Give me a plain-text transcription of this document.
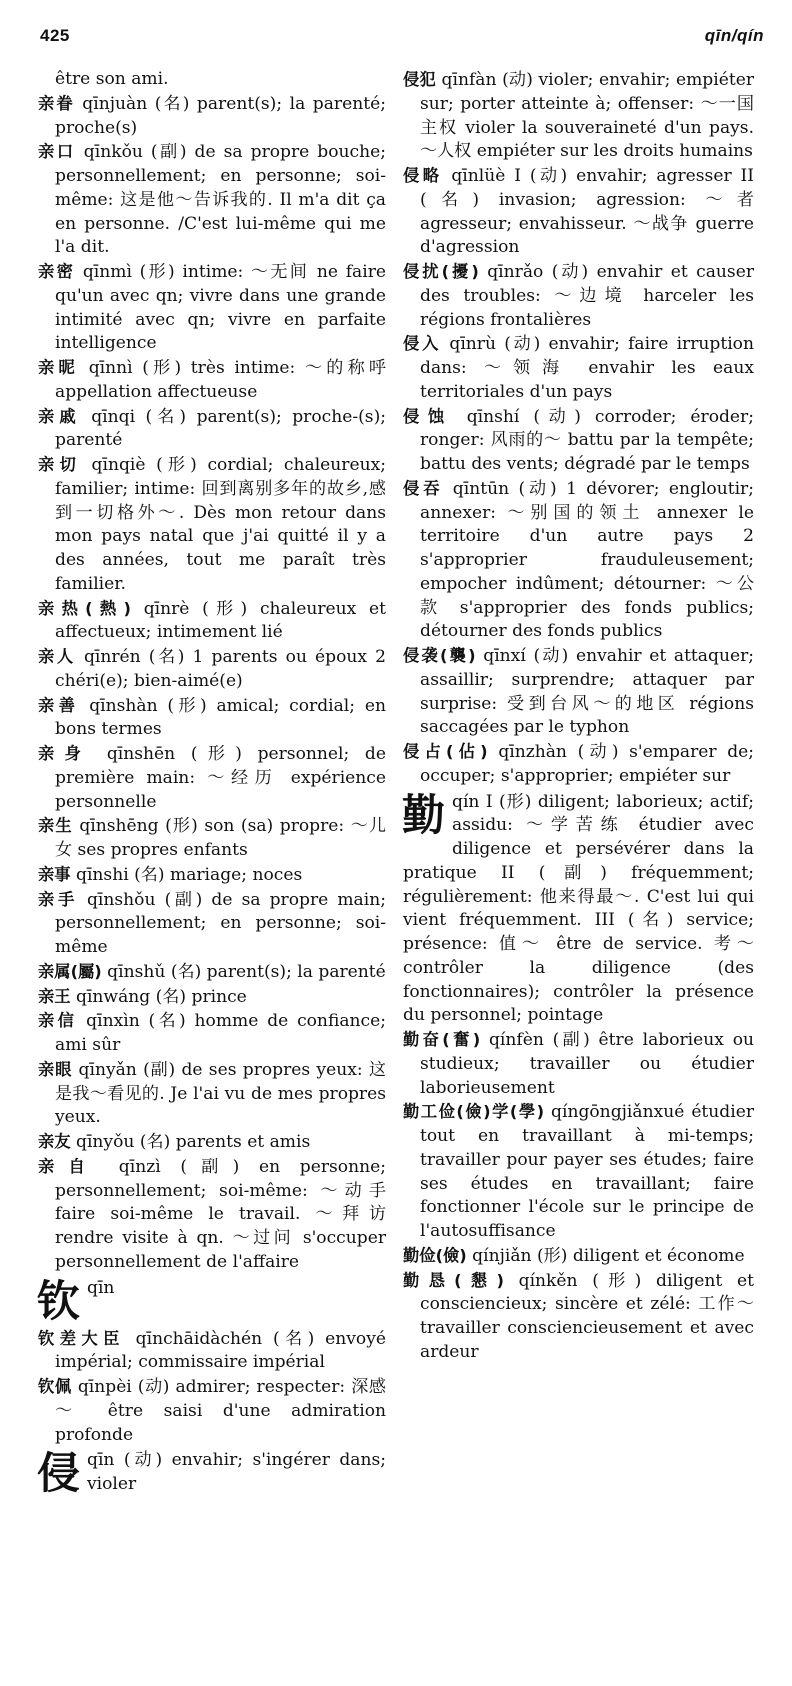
425	qīn/qín

être son ami.

亲眷 qīnjuàn (名) parent(s); la parenté; proche(s)

亲口 qīnkǒu (副) de sa propre bouche; personnellement; en personne; soi-même: 这是他～告诉我的. Il m'a dit ça en personne. /C'est lui-même qui me l'a dit.

亲密 qīnmì (形) intime: ～无间 ne faire qu'un avec qn; vivre dans une grande intimité avec qn; vivre en parfaite intelligence

亲昵 qīnnì (形) très intime: ～的称呼 appellation affectueuse

亲戚 qīnqi (名) parent(s); proche-(s); parenté

亲切 qīnqiè (形) cordial; chaleureux; familier; intime: 回到离别多年的故乡,感到一切格外～. Dès mon retour dans mon pays natal que j'ai quitté il y a des années, tout me paraît très familier.

亲热(熱) qīnrè (形) chaleureux et affectueux; intimement lié

亲人 qīnrén (名) 1 parents ou époux 2 chéri(e); bien-aimé(e)

亲善 qīnshàn (形) amical; cordial; en bons termes

亲身 qīnshēn (形) personnel; de première main: ～经历 expérience personnelle

亲生 qīnshēng (形) son (sa) propre: ～儿女 ses propres enfants

亲事 qīnshi (名) mariage; noces

亲手 qīnshǒu (副) de sa propre main; personnellement; en personne; soi-même

亲属(屬) qīnshǔ (名) parent(s); la parenté

亲王 qīnwáng (名) prince

亲信 qīnxìn (名) homme de confiance; ami sûr

亲眼 qīnyǎn (副) de ses propres yeux: 这是我～看见的. Je l'ai vu de mes propres yeux.

亲友 qīnyǒu (名) parents et amis

亲自 qīnzì (副) en personne; personnellement; soi-même: ～动手 faire soi-même le travail. ～拜访 rendre visite à qn. ～过问 s'occuper personnellement de l'affaire

钦 qīn

钦差大臣 qīnchāidàchén (名) envoyé impérial; commissaire impérial

钦佩 qīnpèi (动) admirer; respecter: 深感～ être saisi d'une admiration profonde

侵 qīn (动) envahir; s'ingérer dans; violer

侵犯 qīnfàn (动) violer; envahir; empiéter sur; porter atteinte à; offenser: ～一国主权 violer la souveraineté d'un pays. ～人权 empiéter sur les droits humains

侵略 qīnlüè I (动) envahir; agresser II (名) invasion; agression: ～者 agresseur; envahisseur. ～战争 guerre d'agression

侵扰(擾) qīnrǎo (动) envahir et causer des troubles: ～边境 harceler les régions frontalières

侵入 qīnrù (动) envahir; faire irruption dans: ～领海 envahir les eaux territoriales d'un pays

侵蚀 qīnshí (动) corroder; éroder; ronger: 风雨的～ battu par la tempête; battu des vents; dégradé par le temps

侵吞 qīntūn (动) 1 dévorer; engloutir; annexer: ～别国的领土 annexer le territoire d'un autre pays 2 s'approprier frauduleusement; empocher indûment; détourner: ～公款 s'approprier des fonds publics; détourner des fonds publics

侵袭(襲) qīnxí (动) envahir et attaquer; assaillir; surprendre; attaquer par surprise: 受到台风～的地区 régions saccagées par le typhon

侵占(佔) qīnzhàn (动) s'emparer de; occuper; s'approprier; empiéter sur

勤 qín I (形) diligent; laborieux; actif; assidu: ～学苦练 étudier avec diligence et persévérer dans la pratique II (副) fréquemment; régulièrement: 他来得最～. C'est lui qui vient fréquemment. III (名) service; présence: 值～ être de service. 考～ contrôler la diligence (des fonctionnaires); contrôler la présence du personnel; pointage

勤奋(奮) qínfèn (副) être laborieux ou studieux; travailler ou étudier laborieusement

勤工俭(儉)学(學) qíngōngjiǎnxué étudier tout en travaillant à mi-temps; travailler pour payer ses études; faire ses études en travaillant; faire fonctionner l'école sur le principe de l'autosuffisance

勤俭(儉) qínjiǎn (形) diligent et économe

勤恳(懇) qínkěn (形) diligent et consciencieux; sincère et zélé: 工作～ travailler consciencieusement et avec ardeur
